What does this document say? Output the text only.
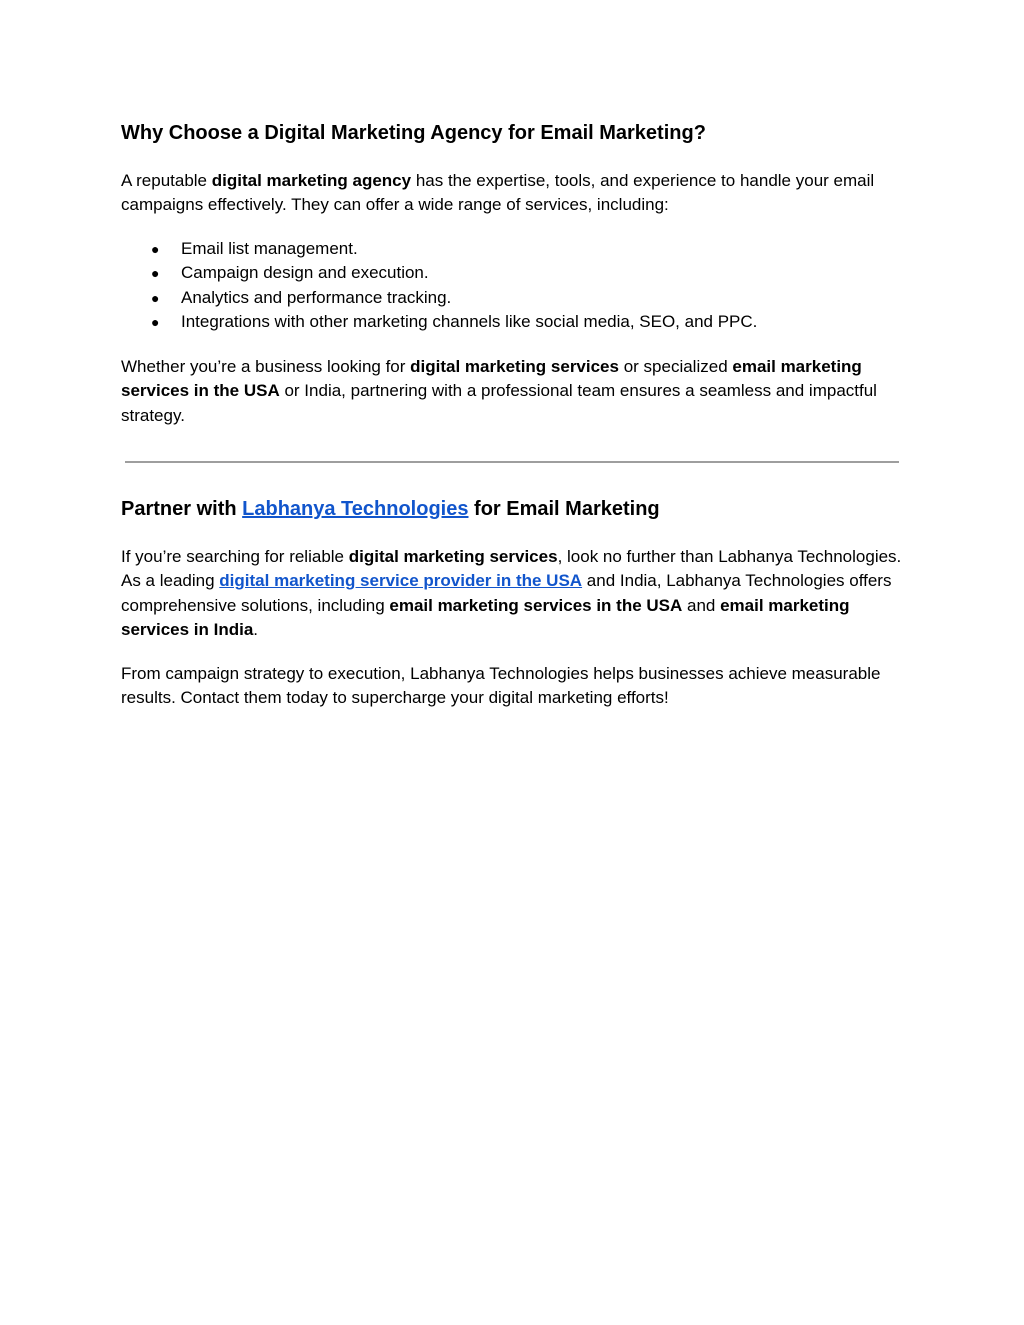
Why Choose a Digital Marketing Agency for Email Marketing?

A reputable digital marketing agency has the expertise, tools, and experience to handle your email campaigns effectively. They can offer a wide range of services, including:

● Email list management.
● Campaign design and execution.
● Analytics and performance tracking.
● Integrations with other marketing channels like social media, SEO, and PPC.

Whether you’re a business looking for digital marketing services or specialized email marketing services in the USA or India, partnering with a professional team ensures a seamless and impactful strategy.

Partner with Labhanya Technologies for Email Marketing

If you’re searching for reliable digital marketing services, look no further than Labhanya Technologies. As a leading digital marketing service provider in the USA and India, Labhanya Technologies offers comprehensive solutions, including email marketing services in the USA and email marketing services in India.

From campaign strategy to execution, Labhanya Technologies helps businesses achieve measurable results. Contact them today to supercharge your digital marketing efforts!
